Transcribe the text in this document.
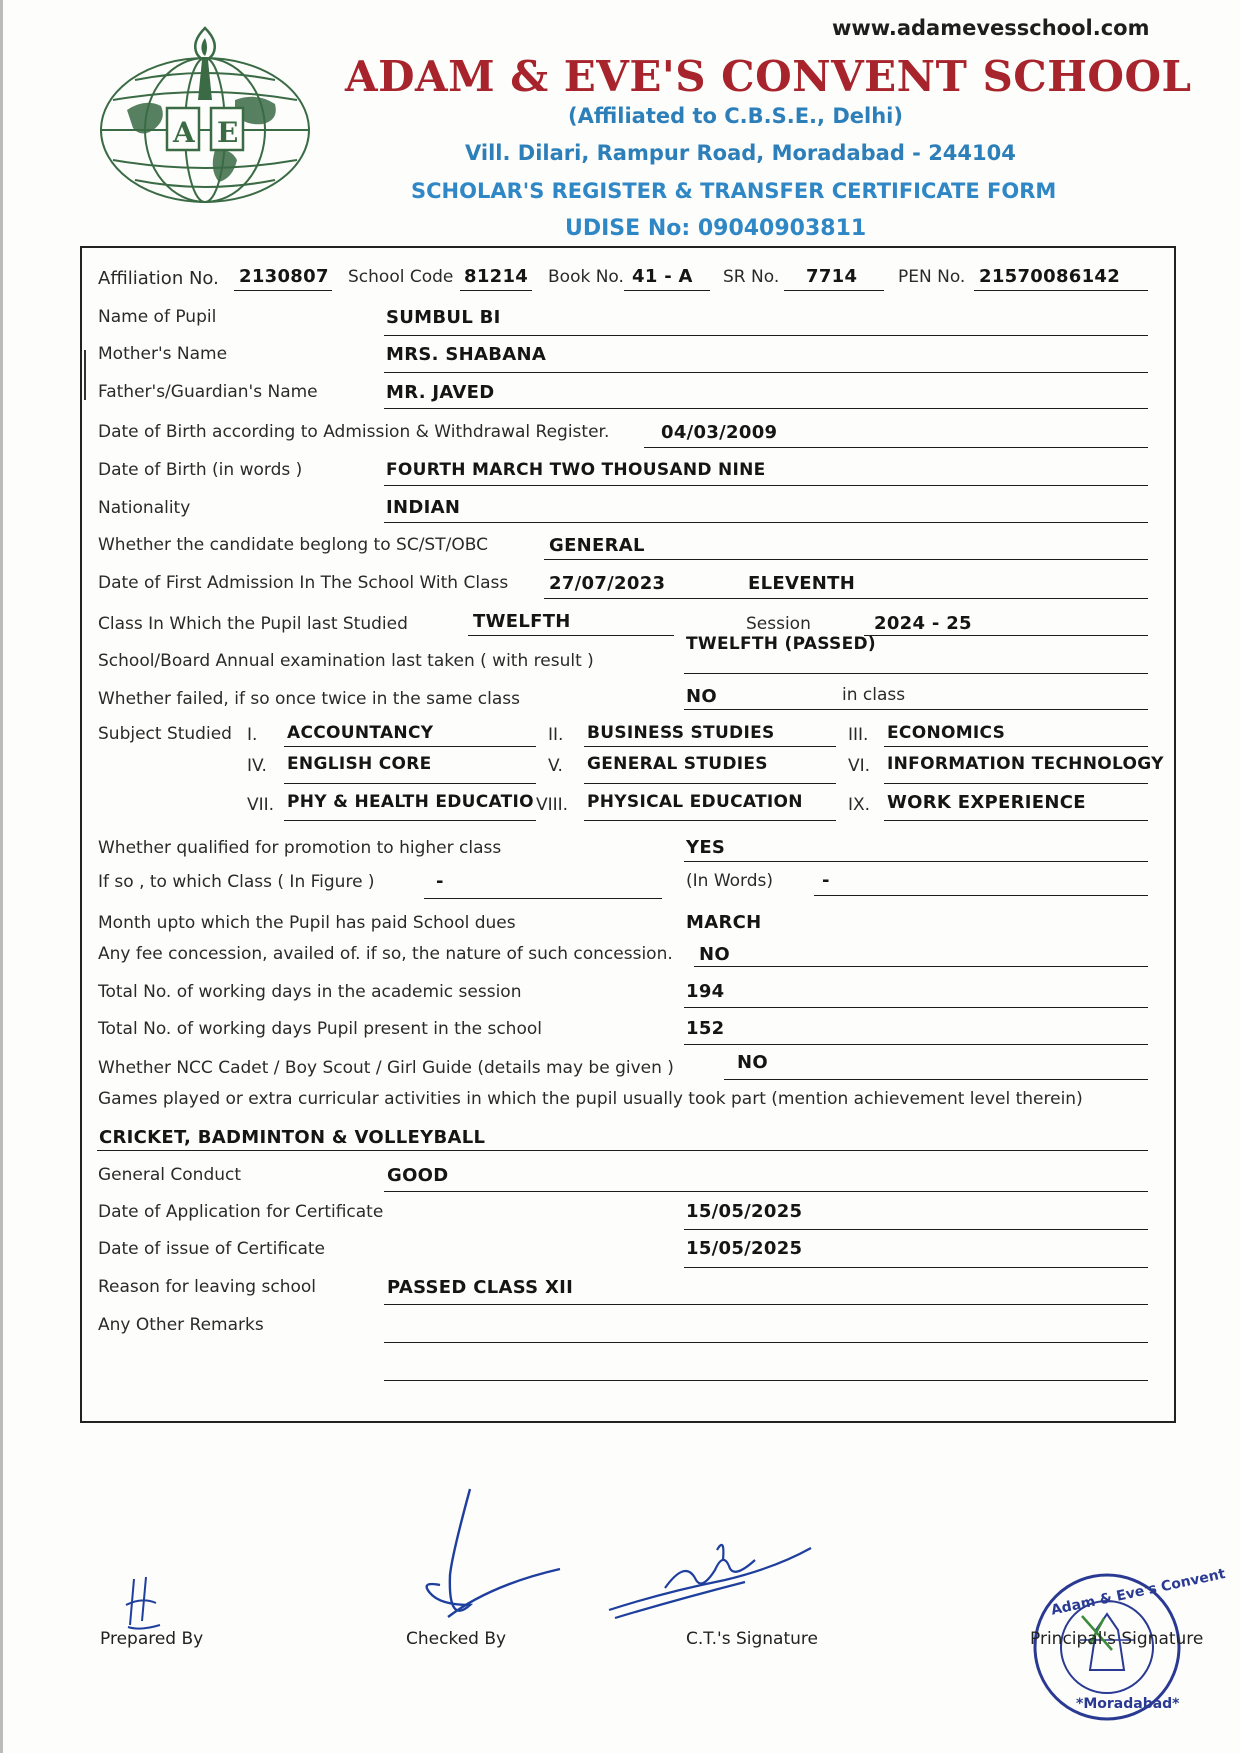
A E
www.adamevesschool.com
ADAM & EVE'S CONVENT SCHOOL
(Affiliated to C.B.S.E., Delhi)
Vill. Dilari, Rampur Road, Moradabad - 244104
SCHOLAR'S REGISTER & TRANSFER CERTIFICATE FORM
UDISE No: 09040903811
Affiliation No. 2130807 School Code 81214 Book No. 41 - A SR No. 7714 PEN No. 21570086142
Name of Pupil	SUMBUL BI
Mother's Name	MRS. SHABANA
Father's/Guardian's Name	MR. JAVED
Date of Birth according to Admission & Withdrawal Register.	04/03/2009
Date of Birth (in words )	FOURTH MARCH TWO THOUSAND NINE
Nationality	INDIAN
Whether the candidate beglong to SC/ST/OBC	GENERAL
Date of First Admission In The School With Class 27/07/2023	ELEVENTH
Class In Which the Pupil last Studied	TWELFTH	Session	2024 - 25
School/Board Annual examination last taken ( with result )
TWELFTH (PASSED)
Whether failed, if so once twice in the same class	NO	in class
Subject Studied I. ACCOUNTANCY	II. BUSINESS STUDIES	III. ECONOMICS
IV. ENGLISH CORE	V. GENERAL STUDIES	VI. INFORMATION TECHNOLOGY
VII. PHY & HEALTH EDUCATIO VIII. PHYSICAL EDUCATION	IX. WORK EXPERIENCE
Whether qualified for promotion to higher class	YES
If so , to which Class ( In Figure )	-	(In Words)	-
Month upto which the Pupil has paid School dues	MARCH
Any fee concession, availed of. if so, the nature of such concession. NO
Total No. of working days in the academic session	194
Total No. of working days Pupil present in the school	152
Whether NCC Cadet / Boy Scout / Girl Guide (details may be given )	NO
Games played or extra curricular activities in which the pupil usually took part (mention achievement level therein)
CRICKET, BADMINTON & VOLLEYBALL
General Conduct	GOOD
Date of Application for Certificate	15/05/2025
Date of issue of Certificate	15/05/2025
Reason for leaving school	PASSED CLASS XII
Any Other Remarks
Prepared By	Checked By	C.T.'s Signature
Adam & Eve's Convent
*Moradabad*
Principal's Signature
